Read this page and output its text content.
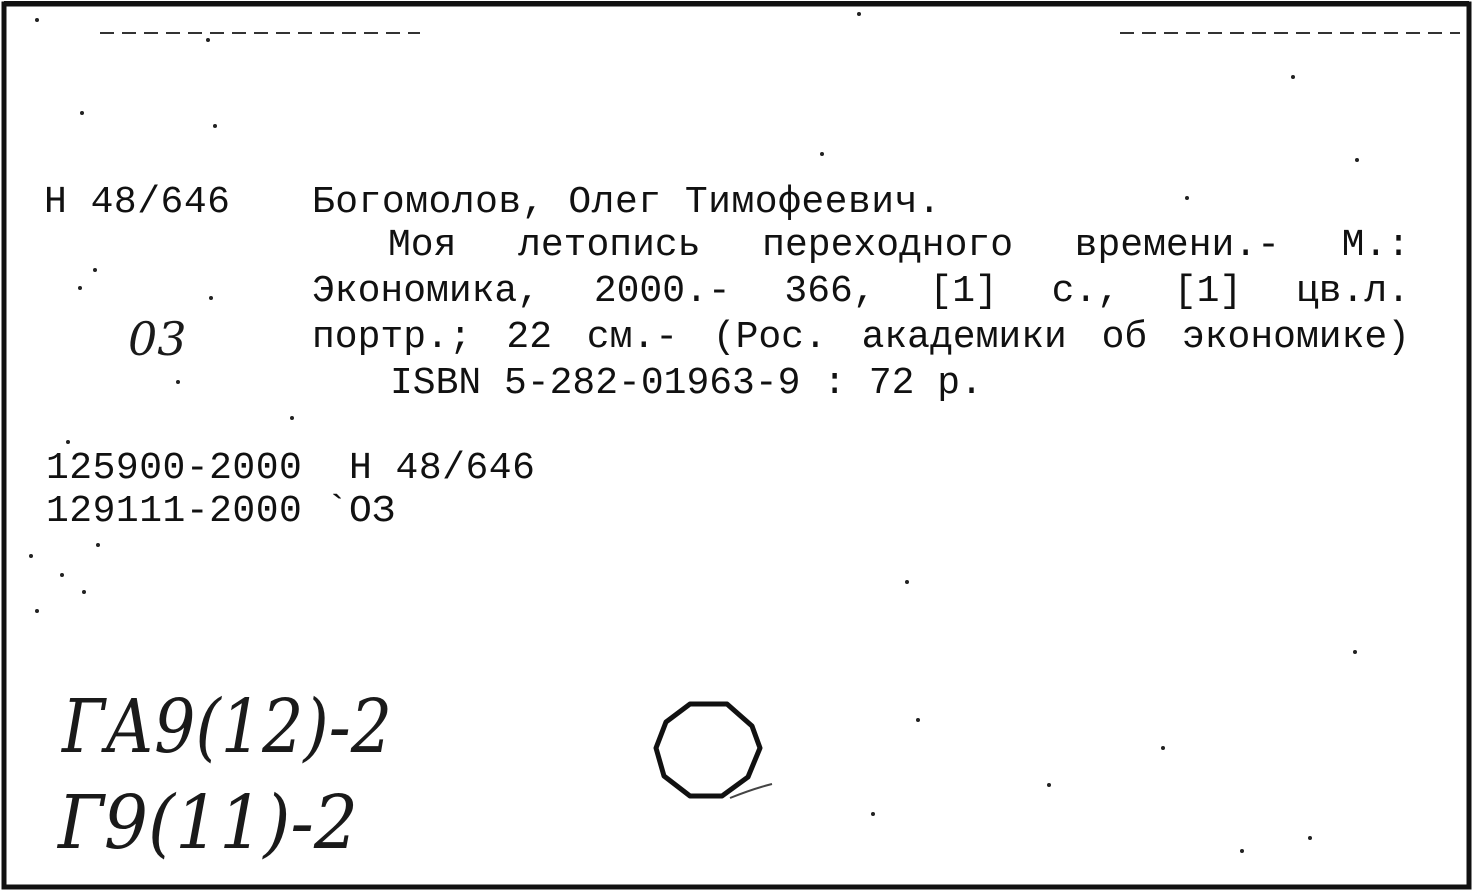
Н 48/646 Богомолов, Олег Тимофеевич.
Моя летопись переходного времени.- М.:
Экономика, 2000.- 366, [1] с., [1] цв.л.
портр.; 22 см.- (Рос. академики об экономике)
ISBN 5-282-01963-9 : 72 р.
125900-2000 Н 48/646
129111-2000 `ОЗ
03
ГА9(12)-2
Г9(11)-2
